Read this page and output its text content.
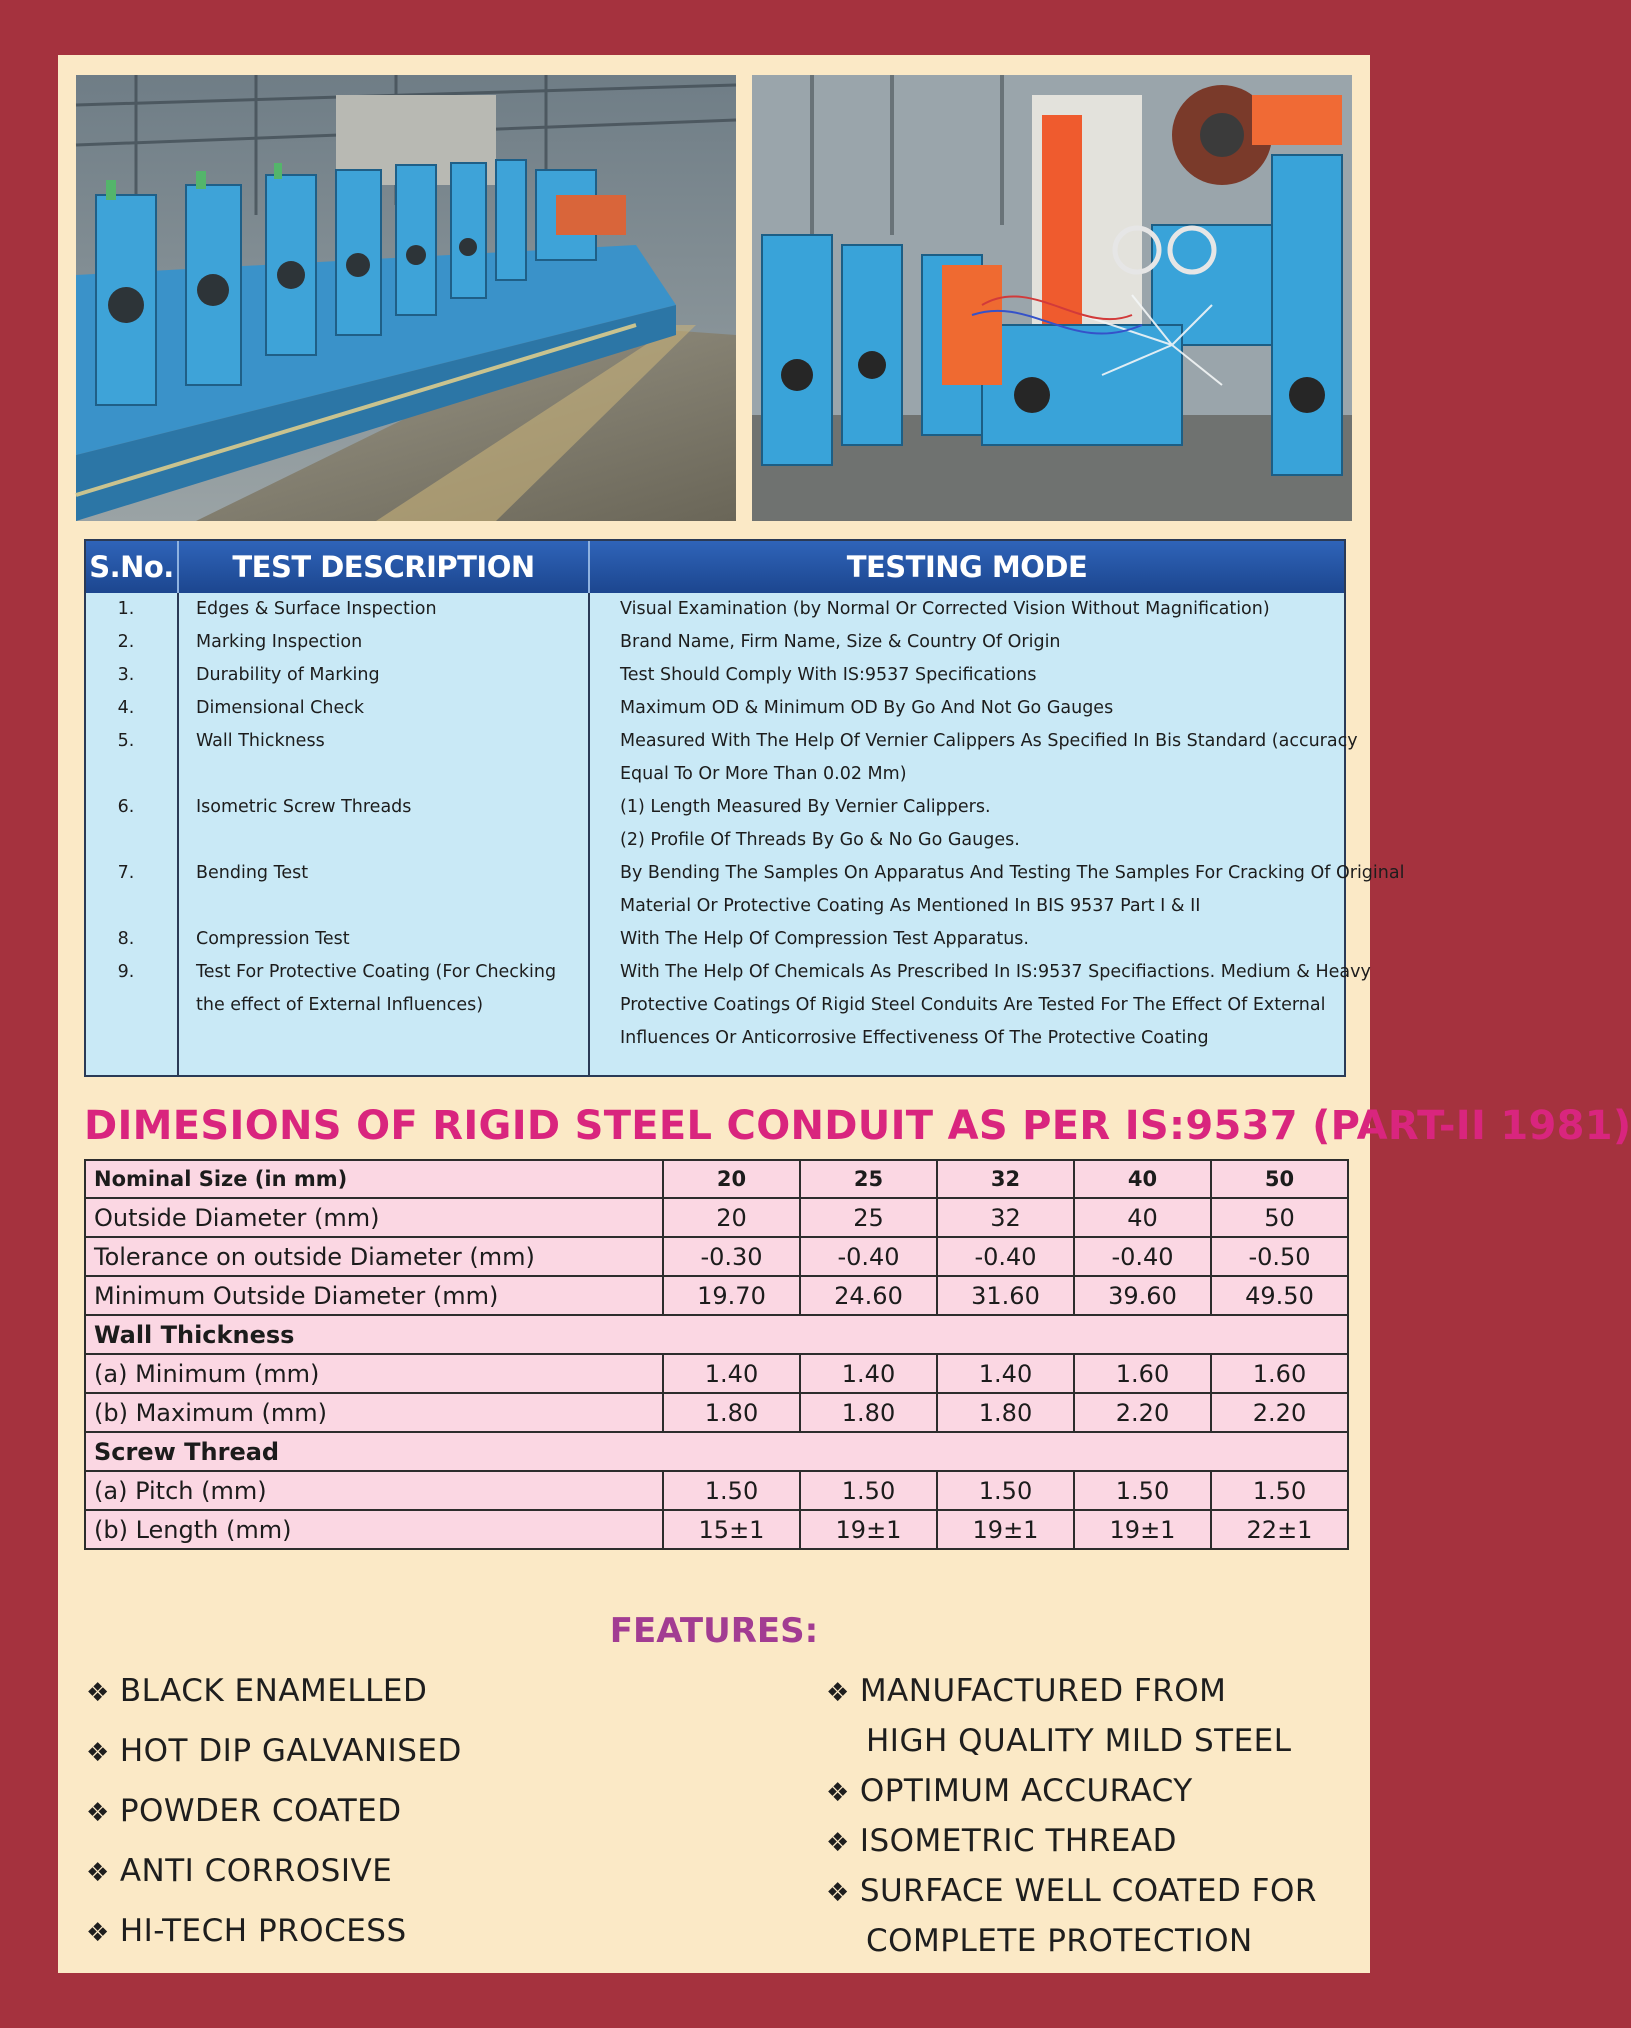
S.No.	TEST DESCRIPTION	TESTING MODE
1.	Edges & Surface Inspection	Visual Examination (by Normal Or Corrected Vision Without Magnification)
2.	Marking Inspection	Brand Name, Firm Name, Size & Country Of Origin
3.	Durability of Marking	Test Should Comply With IS:9537 Specifications
4.	Dimensional Check	Maximum OD & Minimum OD By Go And Not Go Gauges
5.	Wall Thickness	Measured With The Help Of Vernier Calippers As Specified In Bis Standard (accuracy
Equal To Or More Than 0.02 Mm)
6.	Isometric Screw Threads	(1) Length Measured By Vernier Calippers.
(2) Profile Of Threads By Go & No Go Gauges.
7.	Bending Test	By Bending The Samples On Apparatus And Testing The Samples For Cracking Of Original
Material Or Protective Coating As Mentioned In BIS 9537 Part I & II
8.	Compression Test	With The Help Of Compression Test Apparatus.
9.	Test For Protective Coating (For Checking
the effect of External Influences)
With The Help Of Chemicals As Prescribed In IS:9537 Specifiactions. Medium & Heavy
Protective Coatings Of Rigid Steel Conduits Are Tested For The Effect Of External
Influences Or Anticorrosive Effectiveness Of The Protective Coating
DIMESIONS OF RIGID STEEL CONDUIT AS PER IS:9537 (PART-II 1981)
Nominal Size (in mm)	20	25	32	40	50
Outside Diameter (mm)	20	25	32	40	50
Tolerance on outside Diameter (mm)	-0.30	-0.40	-0.40	-0.40	-0.50
Minimum Outside Diameter (mm)	19.70	24.60	31.60	39.60	49.50
Wall Thickness					
(a) Minimum (mm)	1.40	1.40	1.40	1.60	1.60
(b) Maximum (mm)	1.80	1.80	1.80	2.20	2.20
Screw Thread					
(a) Pitch (mm)	1.50	1.50	1.50	1.50	1.50
(b) Length (mm)	15±1	19±1	19±1	19±1	22±1
FEATURES:
❖ BLACK ENAMELLED
❖ HOT DIP GALVANISED
❖ POWDER COATED
❖ ANTI CORROSIVE
❖ HI-TECH PROCESS
❖ MANUFACTURED FROM
HIGH QUALITY MILD STEEL
❖ OPTIMUM ACCURACY
❖ ISOMETRIC THREAD
❖ SURFACE WELL COATED FOR
COMPLETE PROTECTION
